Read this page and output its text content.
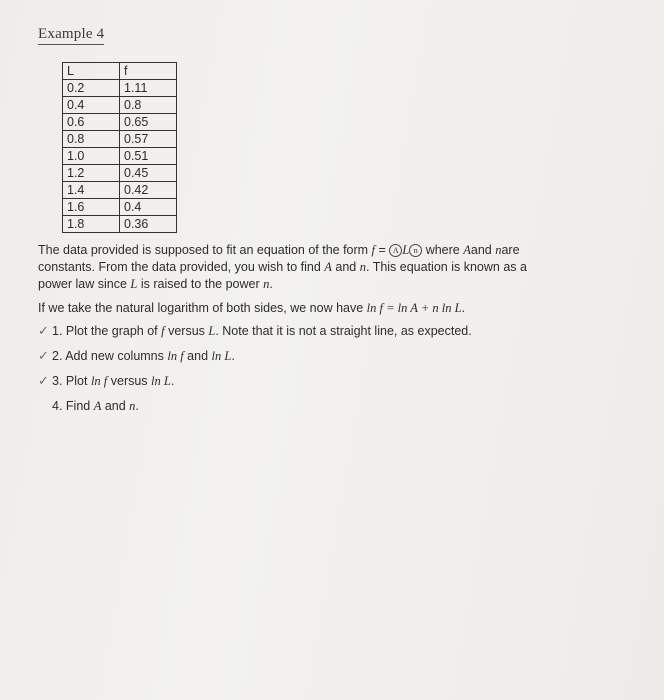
Example 4
L	f
0.2	1.11
0.4	0.8
0.6	0.65
0.8	0.57
1.0	0.51
1.2	0.45
1.4	0.42
1.6	0.4
1.8	0.36
The data provided is supposed to fit an equation of the form f = A L n where Aand nare
constants. From the data provided, you wish to find A and n. This equation is known as a
power law since L is raised to the power n.
If we take the natural logarithm of both sides, we now have ln f = ln A + n ln L.
✓ 1. Plot the graph of f versus L. Note that it is not a straight line, as expected.
✓ 2. Add new columns ln f and ln L.
✓ 3. Plot ln f versus ln L.
4. Find A and n.
